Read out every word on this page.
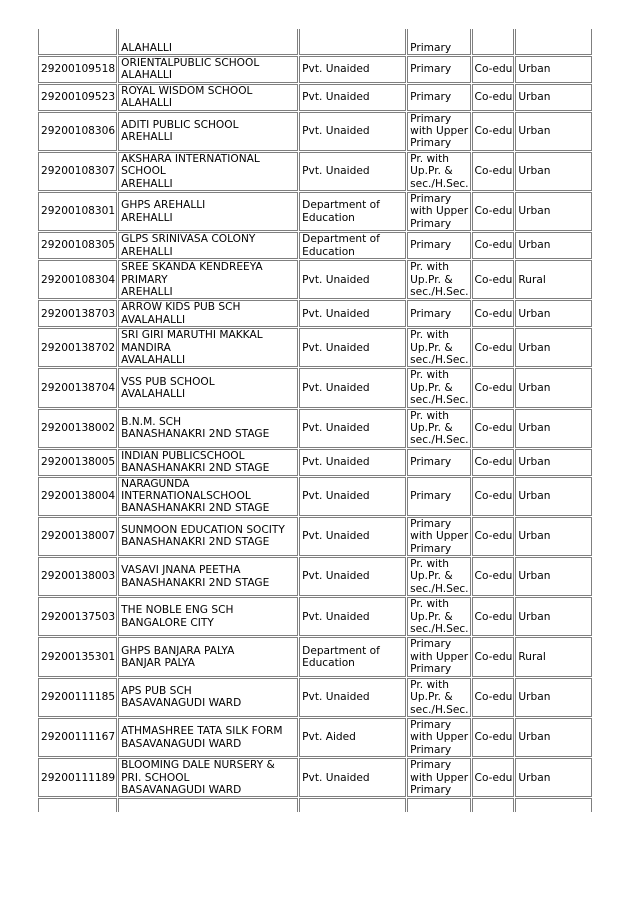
	ALAHALLI		Primary		

29200109518	ORIENTALPUBLIC SCHOOL
ALAHALLI	Pvt. Unaided	Primary	Co-edu	Urban
29200109523	ROYAL WISDOM SCHOOL
ALAHALLI	Pvt. Unaided	Primary	Co-edu	Urban
29200108306	ADITI PUBLIC SCHOOL
AREHALLI	Pvt. Unaided	Primary
with Upper
Primary	Co-edu	Urban
29200108307	AKSHARA INTERNATIONAL
SCHOOL
AREHALLI	Pvt. Unaided	Pr. with
Up.Pr. &
sec./H.Sec.	Co-edu	Urban
29200108301	GHPS AREHALLI
AREHALLI	Department of
Education	Primary
with Upper
Primary	Co-edu	Urban
29200108305	GLPS SRINIVASA COLONY
AREHALLI	Department of
Education	Primary	Co-edu	Urban
29200108304	SREE SKANDA KENDREEYA
PRIMARY
AREHALLI	Pvt. Unaided	Pr. with
Up.Pr. &
sec./H.Sec.	Co-edu	Rural
29200138703	ARROW KIDS PUB SCH
AVALAHALLI	Pvt. Unaided	Primary	Co-edu	Urban
29200138702	SRI GIRI MARUTHI MAKKAL
MANDIRA
AVALAHALLI	Pvt. Unaided	Pr. with
Up.Pr. &
sec./H.Sec.	Co-edu	Urban
29200138704	VSS PUB SCHOOL
AVALAHALLI	Pvt. Unaided	Pr. with
Up.Pr. &
sec./H.Sec.	Co-edu	Urban
29200138002	B.N.M. SCH
BANASHANAKRI 2ND STAGE	Pvt. Unaided	Pr. with
Up.Pr. &
sec./H.Sec.	Co-edu	Urban
29200138005	INDIAN PUBLICSCHOOL
BANASHANAKRI 2ND STAGE	Pvt. Unaided	Primary	Co-edu	Urban
29200138004	NARAGUNDA
INTERNATIONALSCHOOL
BANASHANAKRI 2ND STAGE	Pvt. Unaided	Primary	Co-edu	Urban
29200138007	SUNMOON EDUCATION SOCITY
BANASHANAKRI 2ND STAGE	Pvt. Unaided	Primary
with Upper
Primary	Co-edu	Urban
29200138003	VASAVI JNANA PEETHA
BANASHANAKRI 2ND STAGE	Pvt. Unaided	Pr. with
Up.Pr. &
sec./H.Sec.	Co-edu	Urban
29200137503	THE NOBLE ENG SCH
BANGALORE CITY	Pvt. Unaided	Pr. with
Up.Pr. &
sec./H.Sec.	Co-edu	Urban
29200135301	GHPS BANJARA PALYA
BANJAR PALYA	Department of
Education	Primary
with Upper
Primary	Co-edu	Rural
29200111185	APS PUB SCH
BASAVANAGUDI WARD	Pvt. Unaided	Pr. with
Up.Pr. &
sec./H.Sec.	Co-edu	Urban
29200111167	ATHMASHREE TATA SILK FORM
BASAVANAGUDI WARD	Pvt. Aided	Primary
with Upper
Primary	Co-edu	Urban
29200111189	BLOOMING DALE NURSERY &
PRI. SCHOOL
BASAVANAGUDI WARD	Pvt. Unaided	Primary
with Upper
Primary	Co-edu	Urban
